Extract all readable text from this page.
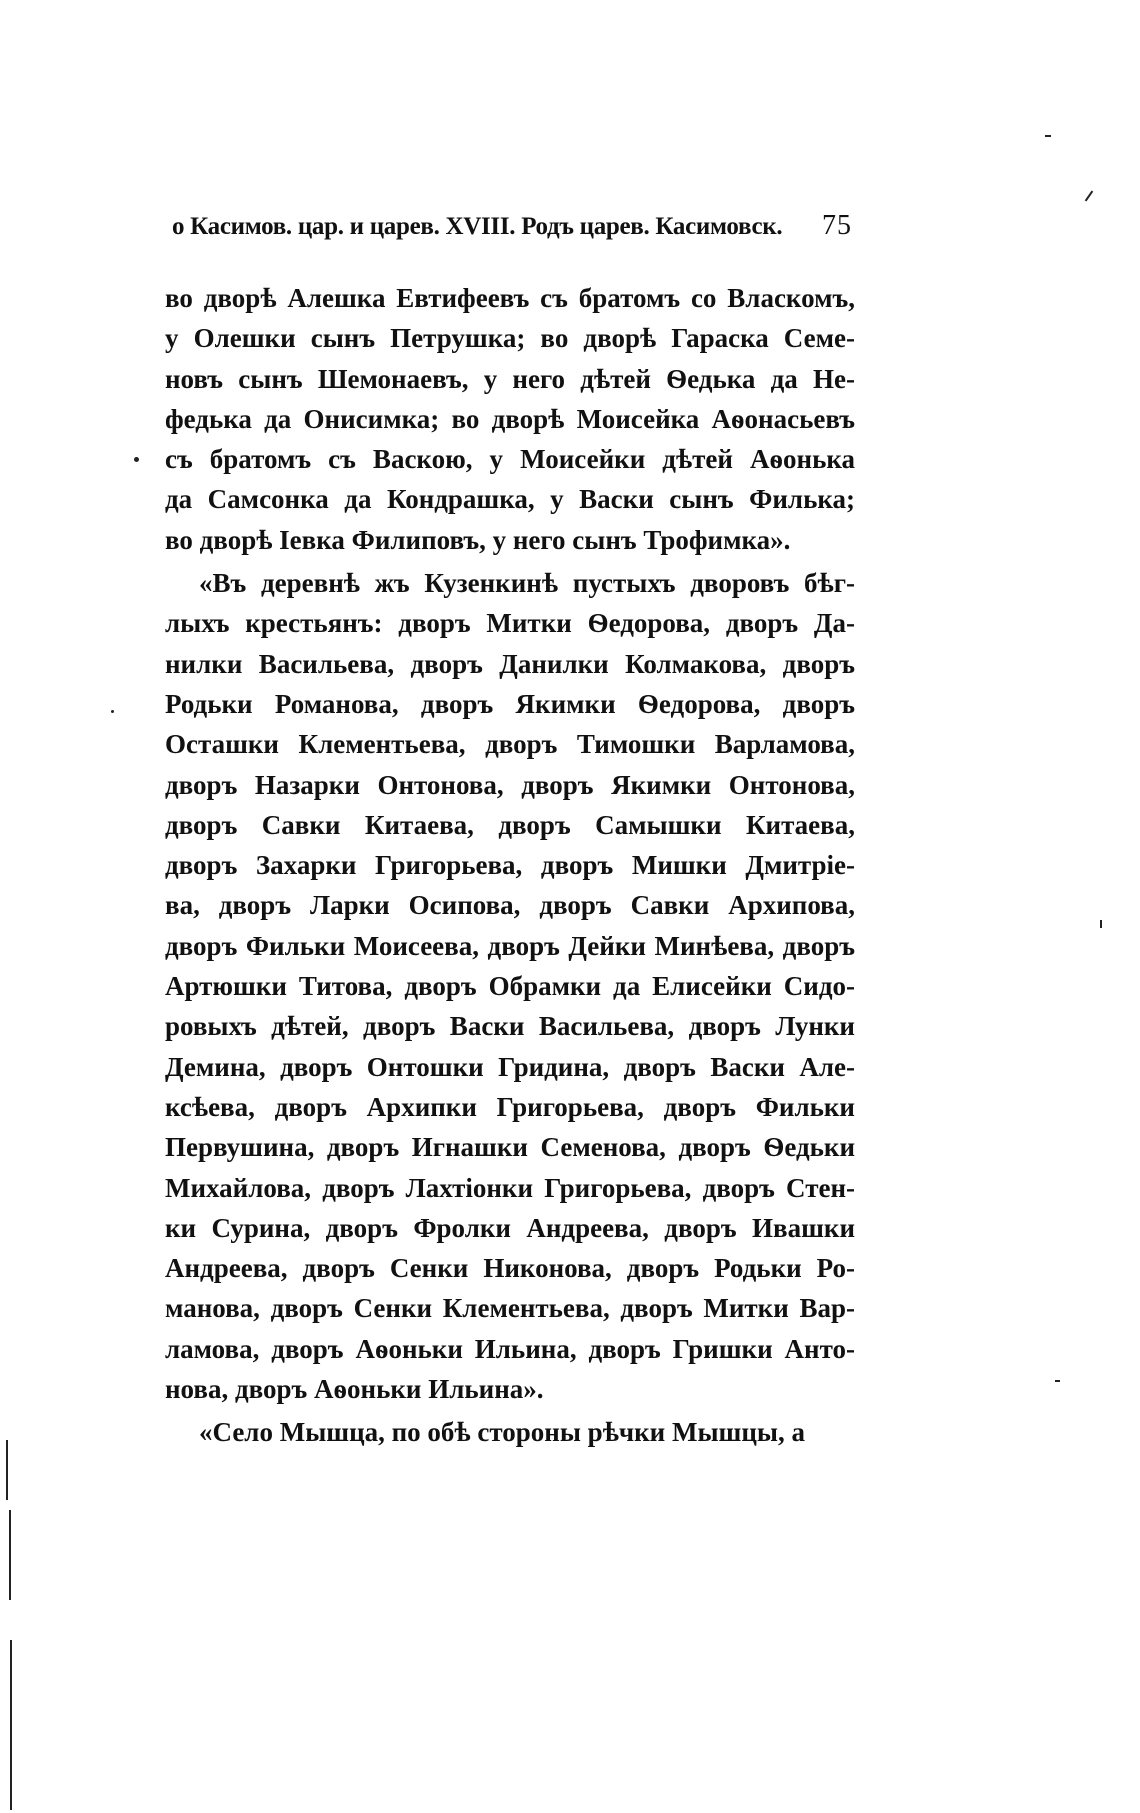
о Касимов. цар. и царев. XVIII. Родъ царев. Касимовск. 75
во дворѣ Алешка Евтифеевъ съ братомъ со Власкомъ,
у Олешки сынъ Петрушка; во дворѣ Гараска Семе-
новъ сынъ Шемонаевъ, у него дѣтей Ѳедька да Не-
федька да Онисимка; во дворѣ Моисейка Аѳонасьевъ
съ братомъ съ Васкою, у Моисейки дѣтей Аѳонька
да Самсонка да Кондрашка, у Васки сынъ Филька;
во дворѣ Іевка Филиповъ, у него сынъ Трофимка».
«Въ деревнѣ жъ Кузенкинѣ пустыхъ дворовъ бѣг-
лыхъ крестьянъ: дворъ Митки Ѳедорова, дворъ Да-
нилки Васильева, дворъ Данилки Колмакова, дворъ
Родьки Романова, дворъ Якимки Ѳедорова, дворъ
Осташки Клементьева, дворъ Тимошки Варламова,
дворъ Назарки Онтонова, дворъ Якимки Онтонова,
дворъ Савки Китаева, дворъ Самышки Китаева,
дворъ Захарки Григорьева, дворъ Мишки Дмитріе-
ва, дворъ Ларки Осипова, дворъ Савки Архипова,
дворъ Фильки Моисеева, дворъ Дейки Минѣева, дворъ
Артюшки Титова, дворъ Обрамки да Елисейки Сидо-
ровыхъ дѣтей, дворъ Васки Васильева, дворъ Лунки
Демина, дворъ Онтошки Гридина, дворъ Васки Але-
ксѣева, дворъ Архипки Григорьева, дворъ Фильки
Первушина, дворъ Игнашки Семенова, дворъ Ѳедьки
Михайлова, дворъ Лахтіонки Григорьева, дворъ Стен-
ки Сурина, дворъ Фролки Андреева, дворъ Ивашки
Андреева, дворъ Сенки Никонова, дворъ Родьки Ро-
манова, дворъ Сенки Клементьева, дворъ Митки Вар-
ламова, дворъ Аѳоньки Ильина, дворъ Гришки Анто-
нова, дворъ Аѳоньки Ильина».
«Село Мышца, по обѣ стороны рѣчки Мышцы, а
